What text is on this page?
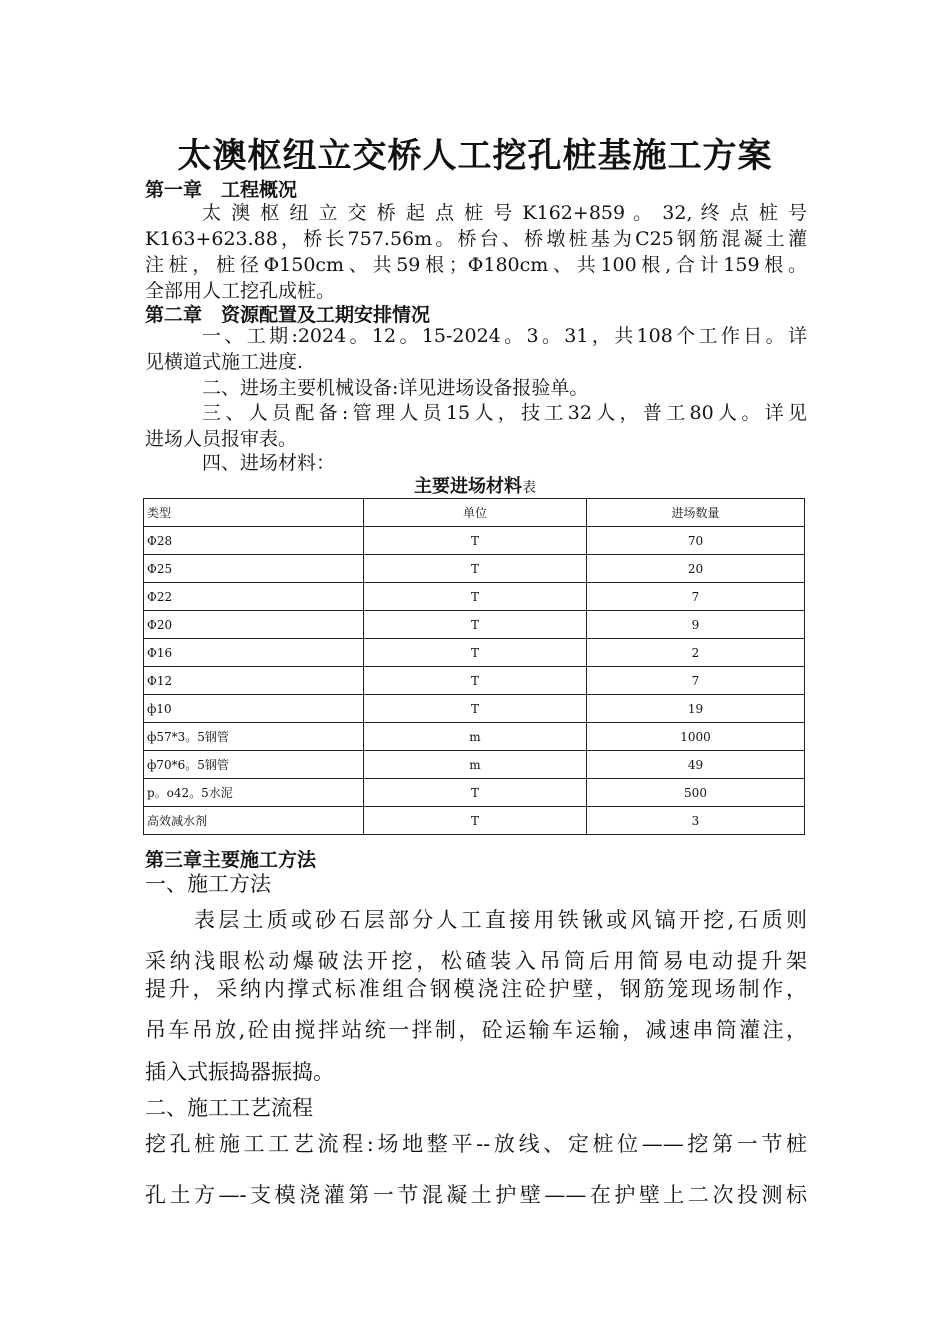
太澳枢纽立交桥人工挖孔桩基施工方案
第一章　工程概况

太 澳 枢 纽 立 交 桥 起 点 桩 号 K162+859 。 32, 终 点 桩 号

K163+623.88，桥长757.56m。桥台、桥墩桩基为C25钢筋混凝土灌

注桩，桩径Φ150cm、共59根；Φ180cm、共100根,合计159根。

全部用人工挖孔成桩。

第二章　资源配置及工期安排情况

一、工期:2024。12。15-2024。3。31，共108个工作日。详

见横道式施工进度.

二、进场主要机械设备:详见进场设备报验单。

三、人员配备:管理人员15人，技工32人，普工80人。详见

进场人员报审表。

四、进场材料：

主要进场材料表

类型	单位	进场数量
Φ28	T	70
Φ25	T	20
Φ22	T	7
Φ20	T	9
Φ16	T	2
Φ12	T	7
ф10	T	19
ф57*3。5钢管	m	1000
ф70*6。5钢管	m	49
p。o42。5水泥	T	500
高效减水剂	T	3
第三章主要施工方法

一、施工方法

表层土质或砂石层部分人工直接用铁锹或风镐开挖,石质则

采纳浅眼松动爆破法开挖，松碴装入吊筒后用简易电动提升架

提升，采纳内撑式标准组合钢模浇注砼护壁，钢筋笼现场制作，

吊车吊放,砼由搅拌站统一拌制，砼运输车运输，减速串筒灌注，

插入式振捣器振捣。

二、施工工艺流程

挖孔桩施工工艺流程:场地整平--放线、定桩位——挖第一节桩

孔土方—-支模浇灌第一节混凝土护壁——在护壁上二次投测标
